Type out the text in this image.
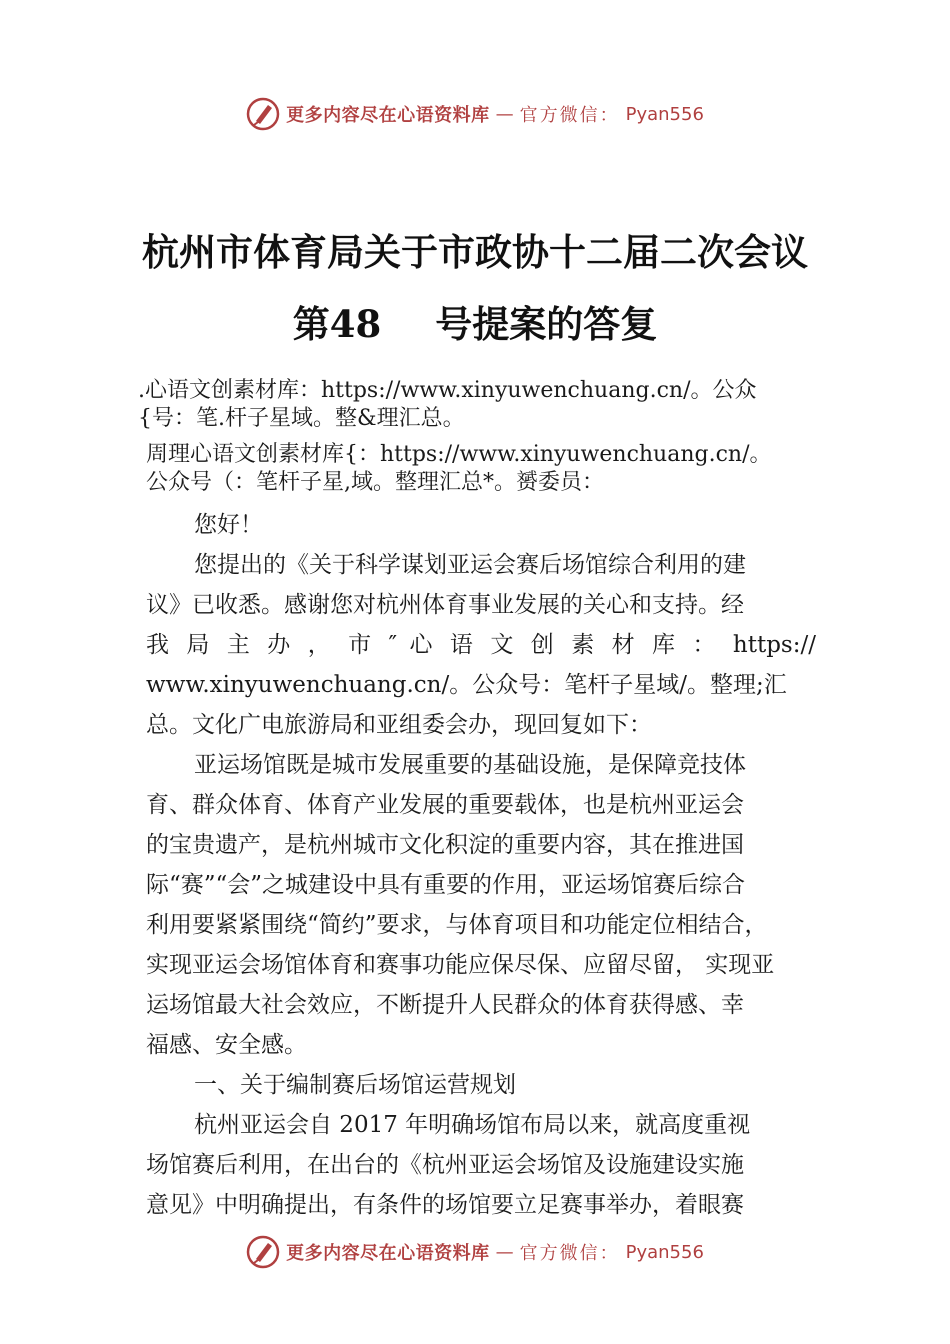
更多内容尽在心语资料库 — 官方微信： Pyan556
杭州市体育局关于市政协十二届二次会议
第48 号提案的答复
.心语文创素材库：https://www.xinyuwenchuang.cn/。公众
{号：笔.杆子星域。整&理汇总。
周理心语文创素材库{：https://www.xinyuwenchuang.cn/。
公众号（：笔杆子星,域。整理汇总*。赟委员：
您好！
您提出的《关于科学谋划亚运会赛后场馆综合利用的建
议》已收悉。感谢您对杭州体育事业发展的关心和支持。经
我 局 主 办 ， 市 ″ 心 语 文 创 素 材 库 ： https://
www.xinyuwenchuang.cn/。公众号：笔杆子星域/。整理;汇
总。文化广电旅游局和亚组委会办，现回复如下：
亚运场馆既是城市发展重要的基础设施，是保障竞技体
育、群众体育、体育产业发展的重要载体，也是杭州亚运会
的宝贵遗产，是杭州城市文化积淀的重要内容，其在推进国
际“赛”“会”之城建设中具有重要的作用，亚运场馆赛后综合
利用要紧紧围绕“简约”要求，与体育项目和功能定位相结合，
实现亚运会场馆体育和赛事功能应保尽保、应留尽留， 实现亚
运场馆最大社会效应，不断提升人民群众的体育获得感、幸
福感、安全感。
一、关于编制赛后场馆运营规划
杭州亚运会自 2017 年明确场馆布局以来，就高度重视
场馆赛后利用，在出台的《杭州亚运会场馆及设施建设实施
意见》中明确提出，有条件的场馆要立足赛事举办，着眼赛
更多内容尽在心语资料库 — 官方微信： Pyan556
